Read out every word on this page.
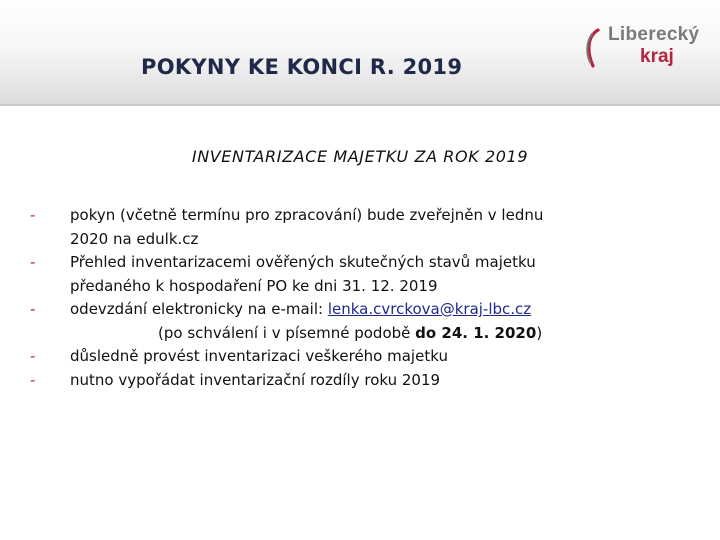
POKYNY KE KONCI R. 2019
Liberecký
kraj
INVENTARIZACE MAJETKU ZA ROK 2019
-	pokyn (včetně termínu pro zpracování) bude zveřejněn v lednu
2020 na edulk.cz
-	Přehled inventarizacemi ověřených skutečných stavů majetku
předaného k hospodaření PO ke dni 31. 12. 2019
-	odevzdání elektronicky na e-mail: lenka.cvrckova@kraj-lbc.cz
(po schválení i v písemné podobě do 24. 1. 2020)
-	důsledně provést inventarizaci veškerého majetku
-	nutno vypořádat inventarizační rozdíly roku 2019
